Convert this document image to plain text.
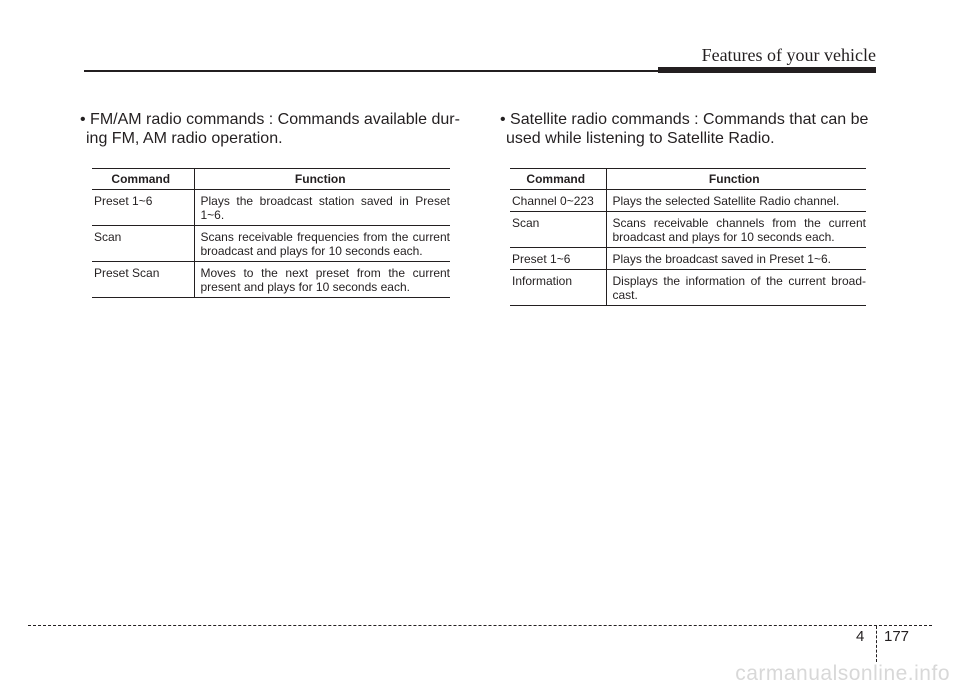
Features of your vehicle

• FM/AM radio commands : Commands available dur-
ing FM, AM radio operation.

Command	Function
Preset 1~6	Plays the broadcast station saved in Preset 1~6.
Scan	Scans receivable frequencies from the current broadcast and plays for 10 seconds each.
Preset Scan	Moves to the next preset from the current present and plays for 10 seconds each.

• Satellite radio commands : Commands that can be
used while listening to Satellite Radio.

Command	Function
Channel 0~223	Plays the selected Satellite Radio channel.
Scan	Scans receivable channels from the current broadcast and plays for 10 seconds each.
Preset 1~6	Plays the broadcast saved in Preset 1~6.
Information	Displays the information of the current broad-cast.
4 177
carmanualsonline.info
